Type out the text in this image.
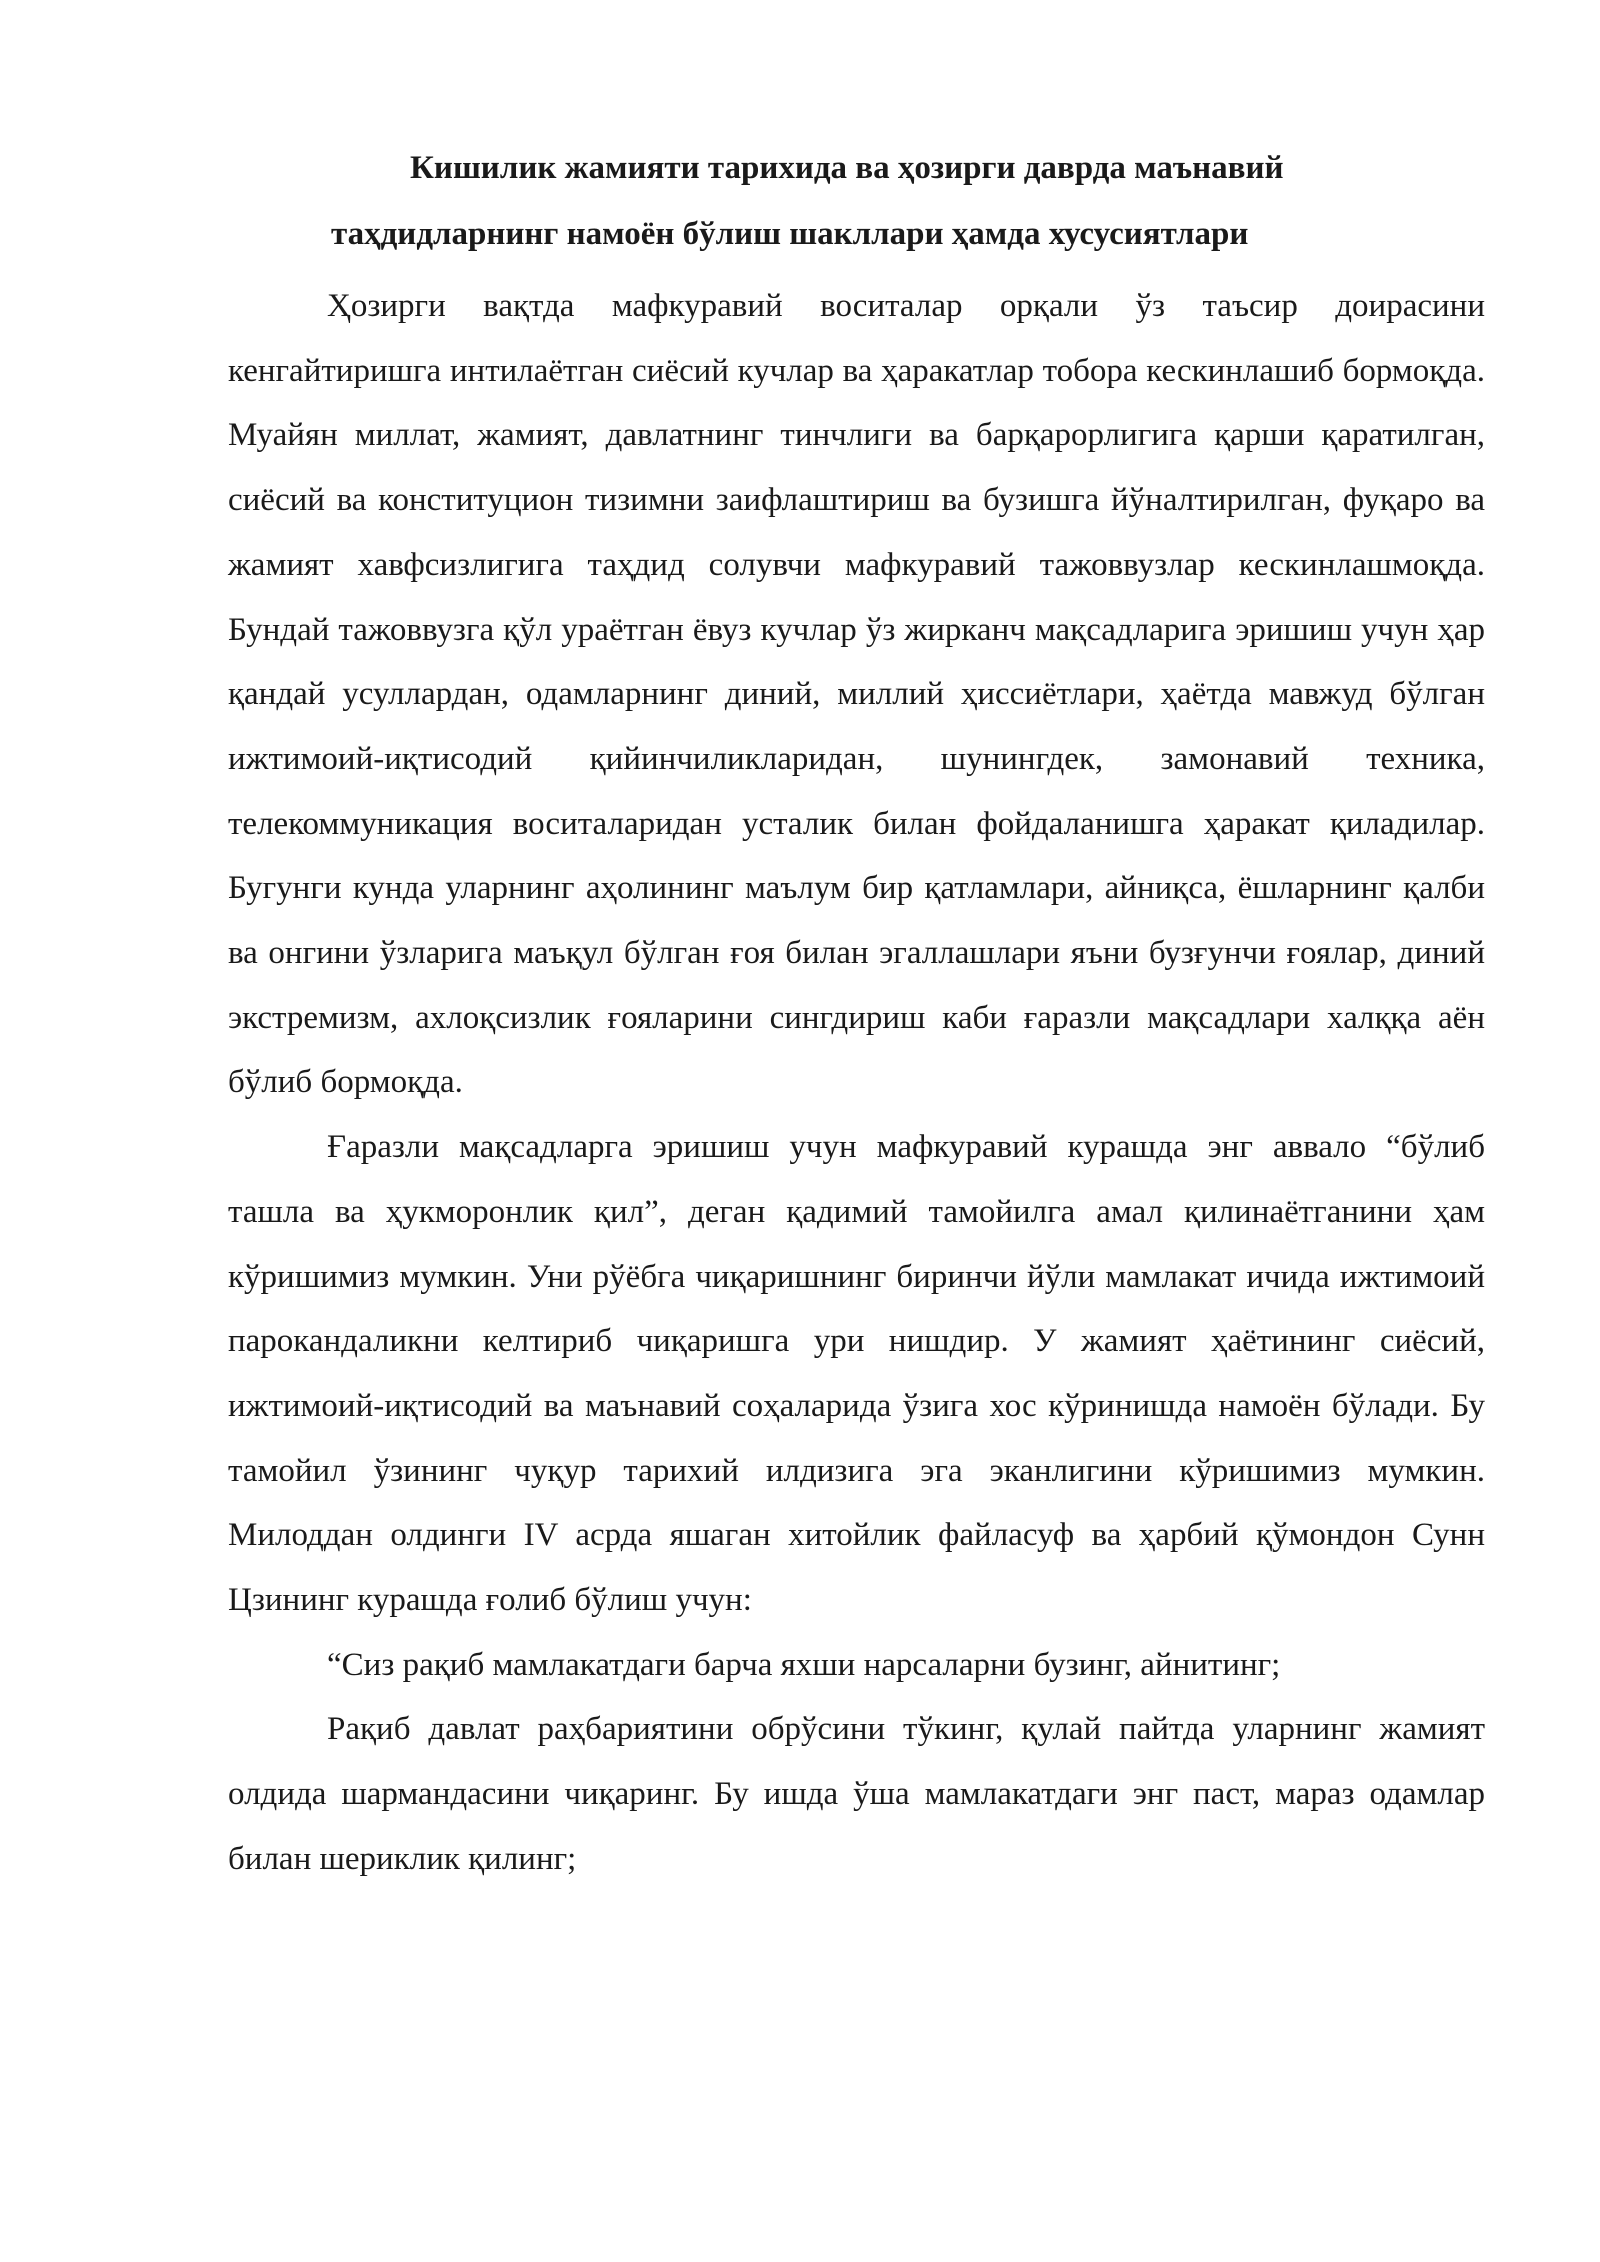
Кишилик жамияти тарихида ва ҳозирги даврда маънавий

таҳдидларнинг намоён бўлиш шакллари ҳамда хусусиятлари

Ҳозирги вақтда мафкуравий воситалар орқали ўз таъсир доирасини кенгайтиришга интилаётган сиёсий кучлар ва ҳаракатлар тобора кескинлашиб бормоқда. Муайян миллат, жамият, давлатнинг тинчлиги ва барқарорлигига қарши қаратилган, сиёсий ва конституцион тизимни заифлаштириш ва бузишга йўналтирилган, фуқаро ва жамият хавфсизлигига таҳдид солувчи мафкуравий тажоввузлар кескинлашмоқда. Бундай тажоввузга қўл ураётган ёвуз кучлар ўз жирканч мақсадларига эришиш учун ҳар қандай усуллардан, одамларнинг диний, миллий ҳиссиётлари, ҳаётда мавжуд бўлган ижтимоий-иқтисодий қийинчиликларидан, шунингдек, замонавий техника, телекоммуникация воситаларидан усталик билан фойдаланишга ҳаракат қиладилар. Бугунги кунда уларнинг аҳолининг маълум бир қатламлари, айниқса, ёшларнинг қалби ва онгини ўзларига маъқул бўлган ғоя билан эгаллашлари яъни бузғунчи ғоялар, диний экстремизм, ахлоқсизлик ғояларини сингдириш каби ғаразли мақсадлари халққа аён бўлиб бормоқда.

Ғаразли мақсадларга эришиш учун мафкуравий курашда энг аввало “бўлиб ташла ва ҳукморонлик қил”, деган қадимий тамойилга амал қилинаётганини ҳам кўришимиз мумкин. Уни рўёбга чиқаришнинг биринчи йўли мамлакат ичида ижтимоий парокандаликни келтириб чиқаришга ури нишдир. У жамият ҳаётининг сиёсий, ижтимоий-иқтисодий ва маънавий соҳаларида ўзига хос кўринишда намоён бўлади. Бу тамойил ўзининг чуқур тарихий илдизига эга эканлигини кўришимиз мумкин. Милоддан олдинги IV асрда яшаган хитойлик файласуф ва ҳарбий қўмондон Сунн Цзининг курашда ғолиб бўлиш учун:

“Сиз рақиб мамлакатдаги барча яхши нарсаларни бузинг, айнитинг;

Рақиб давлат раҳбариятини обрўсини тўкинг, қулай пайтда уларнинг жамият олдида шармандасини чиқаринг. Бу ишда ўша мамлакатдаги энг паст, мараз одамлар билан шериклик қилинг;
